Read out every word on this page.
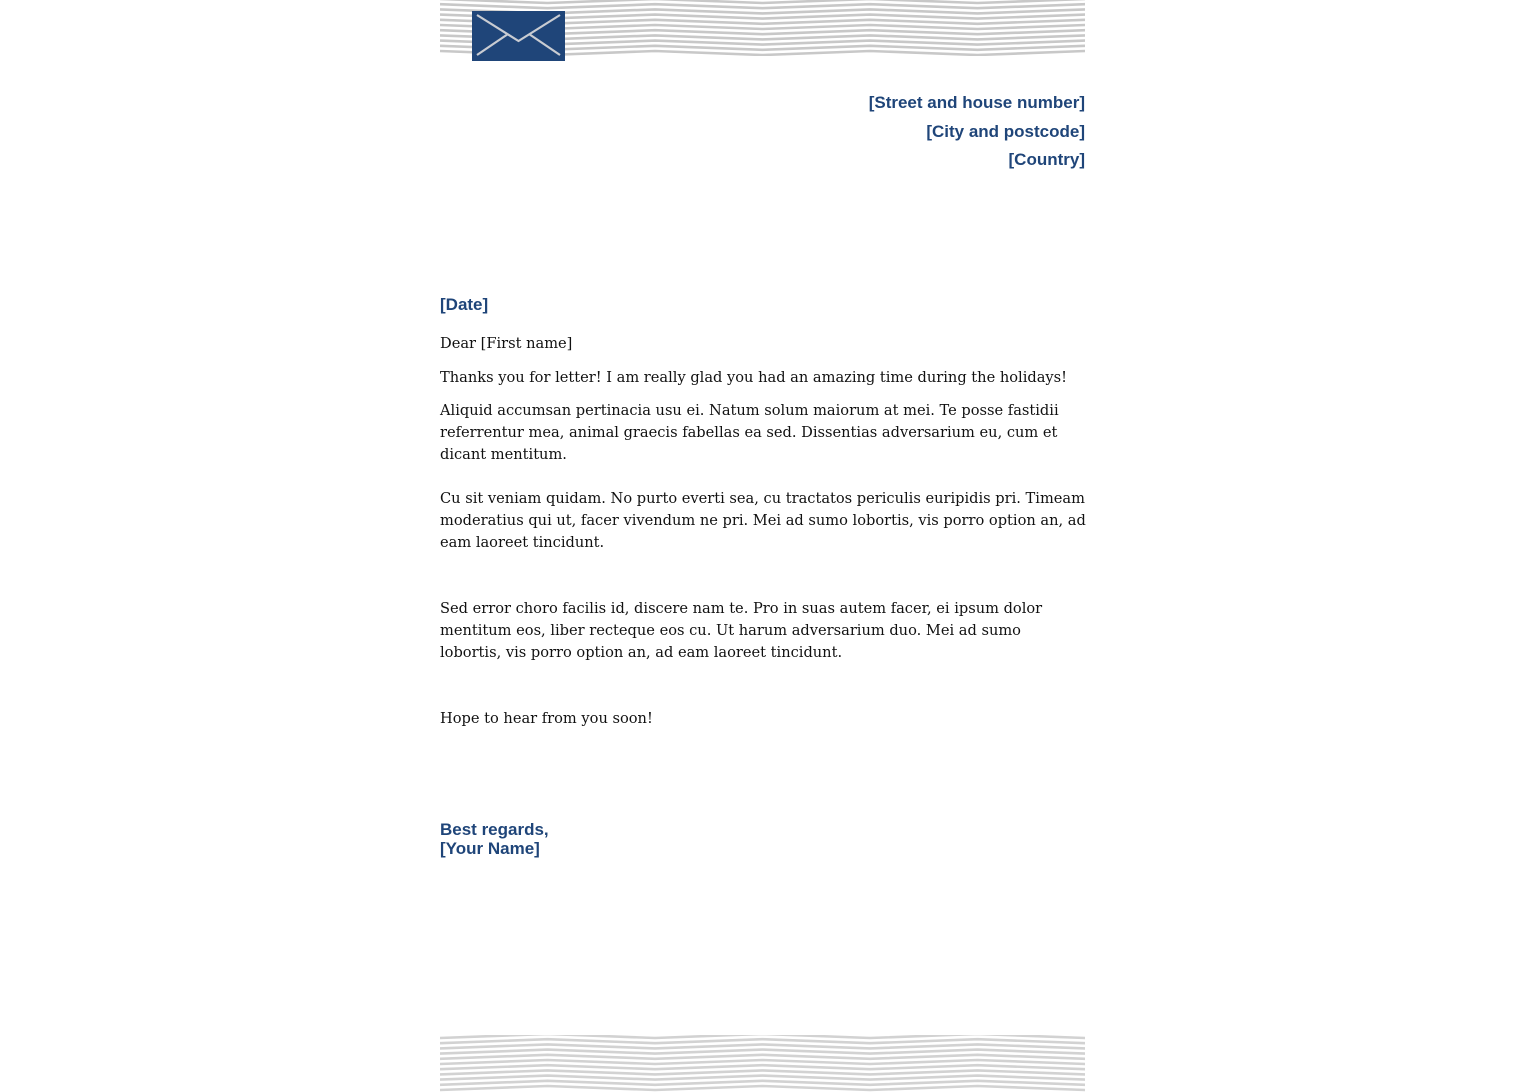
[Street and house number]
[City and postcode]
[Country]
[Date]
Dear [First name]
Thanks you for letter! I am really glad you had an amazing time during the holidays!
Aliquid accumsan pertinacia usu ei. Natum solum maiorum at mei. Te posse fastidii referrentur mea, animal graecis fabellas ea sed. Dissentias adversarium eu, cum et dicant mentitum.
Cu sit veniam quidam. No purto everti sea, cu tractatos periculis euripidis pri. Timeam moderatius qui ut, facer vivendum ne pri. Mei ad sumo lobortis, vis porro option an, ad eam laoreet tincidunt.
Sed error choro facilis id, discere nam te. Pro in suas autem facer, ei ipsum dolor mentitum eos, liber recteque eos cu. Ut harum adversarium duo. Mei ad sumo lobortis, vis porro option an, ad eam laoreet tincidunt.
Hope to hear from you soon!
Best regards,
[Your Name]
